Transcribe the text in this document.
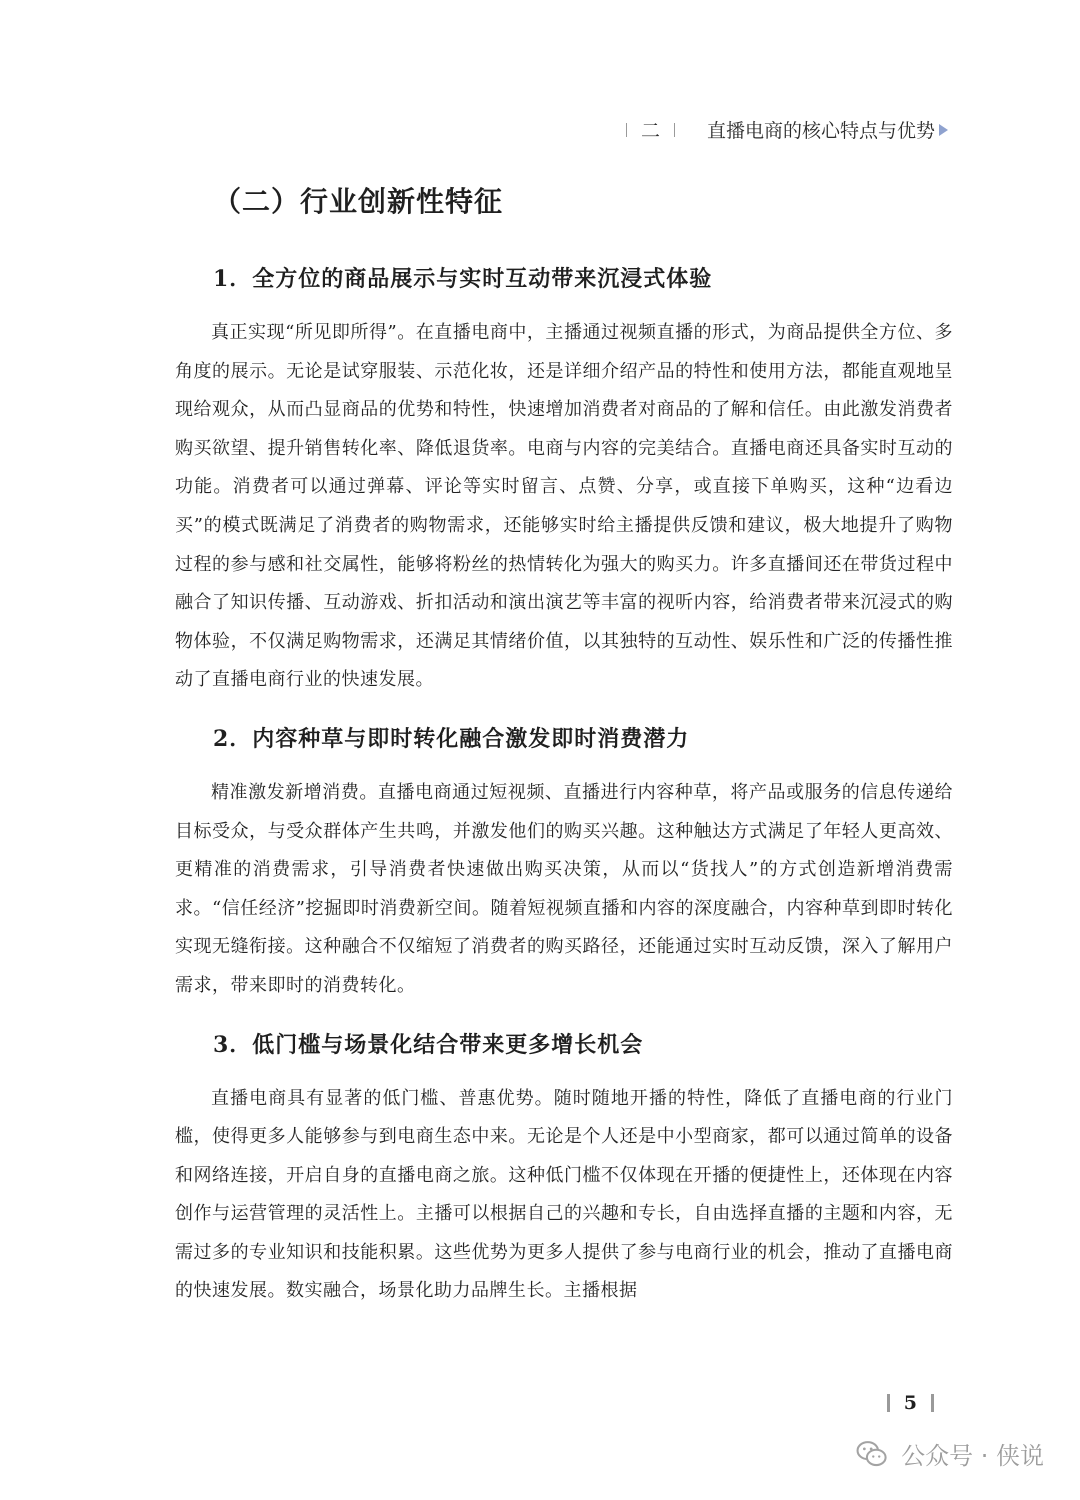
二 直播电商的核心特点与优势
（二）行业创新性特征
1．全方位的商品展示与实时互动带来沉浸式体验

真正实现“所见即所得”。在直播电商中，主播通过视频直播的形式，为商品提供全方位、多角度的展示。无论是试穿服装、示范化妆，还是详细介绍产品的特性和使用方法，都能直观地呈现给观众，从而凸显商品的优势和特性，快速增加消费者对商品的了解和信任。由此激发消费者购买欲望、提升销售转化率、降低退货率。电商与内容的完美结合。直播电商还具备实时互动的功能。消费者可以通过弹幕、评论等实时留言、点赞、分享，或直接下单购买，这种“边看边买”的模式既满足了消费者的购物需求，还能够实时给主播提供反馈和建议，极大地提升了购物过程的参与感和社交属性，能够将粉丝的热情转化为强大的购买力。许多直播间还在带货过程中融合了知识传播、互动游戏、折扣活动和演出演艺等丰富的视听内容，给消费者带来沉浸式的购物体验，不仅满足购物需求，还满足其情绪价值，以其独特的互动性、娱乐性和广泛的传播性推动了直播电商行业的快速发展。

2．内容种草与即时转化融合激发即时消费潜力

精准激发新增消费。直播电商通过短视频、直播进行内容种草，将产品或服务的信息传递给目标受众，与受众群体产生共鸣，并激发他们的购买兴趣。这种触达方式满足了年轻人更高效、更精准的消费需求，引导消费者快速做出购买决策，从而以“货找人”的方式创造新增消费需求。“信任经济”挖掘即时消费新空间。随着短视频直播和内容的深度融合，内容种草到即时转化实现无缝衔接。这种融合不仅缩短了消费者的购买路径，还能通过实时互动反馈，深入了解用户需求，带来即时的消费转化。

3．低门槛与场景化结合带来更多增长机会

直播电商具有显著的低门槛、普惠优势。随时随地开播的特性，降低了直播电商的行业门槛，使得更多人能够参与到电商生态中来。无论是个人还是中小型商家，都可以通过简单的设备和网络连接，开启自身的直播电商之旅。这种低门槛不仅体现在开播的便捷性上，还体现在内容创作与运营管理的灵活性上。主播可以根据自己的兴趣和专长，自由选择直播的主题和内容，无需过多的专业知识和技能积累。这些优势为更多人提供了参与电商行业的机会，推动了直播电商的快速发展。数实融合，场景化助力品牌生长。主播根据

5
公众号 · 侠说
